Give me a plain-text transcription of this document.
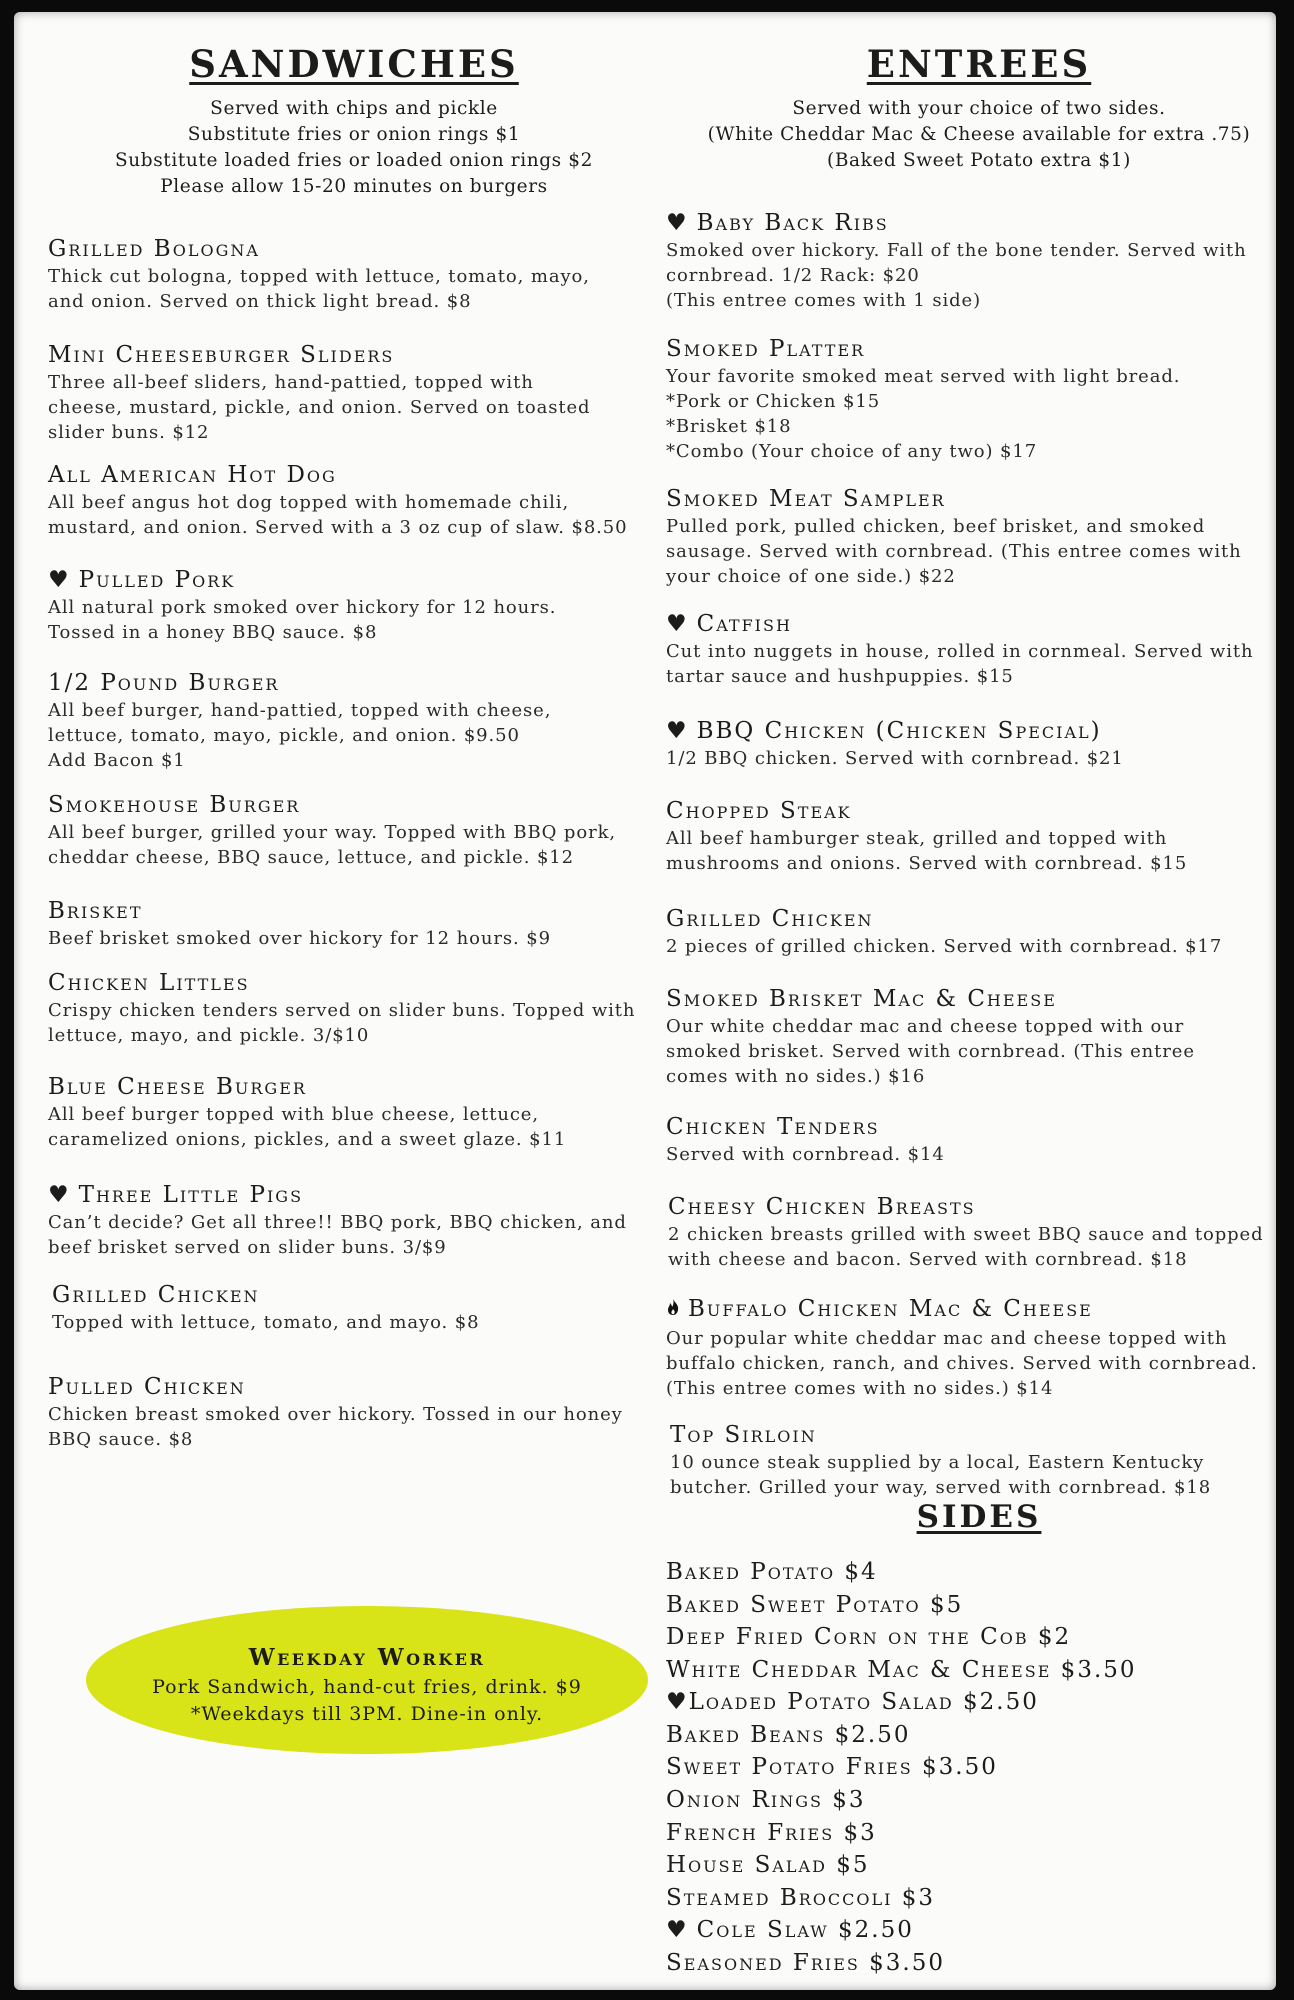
SANDWICHES
Served with chips and pickle
Substitute fries or onion rings $1
Substitute loaded fries or loaded onion rings $2
Please allow 15-20 minutes on burgers
Grilled Bologna
Thick cut bologna, topped with lettuce, tomato, mayo,
and onion. Served on thick light bread. $8
Mini Cheeseburger Sliders
Three all-beef sliders, hand-pattied, topped with
cheese, mustard, pickle, and onion. Served on toasted
slider buns. $12
All American Hot Dog
All beef angus hot dog topped with homemade chili,
mustard, and onion. Served with a 3 oz cup of slaw. $8.50
♥ Pulled Pork
All natural pork smoked over hickory for 12 hours.
Tossed in a honey BBQ sauce. $8
1/2 Pound Burger
All beef burger, hand-pattied, topped with cheese,
lettuce, tomato, mayo, pickle, and onion. $9.50
Add Bacon $1
Smokehouse Burger
All beef burger, grilled your way. Topped with BBQ pork,
cheddar cheese, BBQ sauce, lettuce, and pickle. $12
Brisket
Beef brisket smoked over hickory for 12 hours. $9
Chicken Littles
Crispy chicken tenders served on slider buns. Topped with
lettuce, mayo, and pickle. 3/$10
Blue Cheese Burger
All beef burger topped with blue cheese, lettuce,
caramelized onions, pickles, and a sweet glaze. $11
♥ Three Little Pigs
Can’t decide? Get all three!! BBQ pork, BBQ chicken, and
beef brisket served on slider buns. 3/$9
Grilled Chicken
Topped with lettuce, tomato, and mayo. $8
Pulled Chicken
Chicken breast smoked over hickory. Tossed in our honey
BBQ sauce. $8
Weekday Worker
Pork Sandwich, hand-cut fries, drink. $9
*Weekdays till 3PM. Dine-in only.
ENTREES
Served with your choice of two sides.
(White Cheddar Mac & Cheese available for extra .75)
(Baked Sweet Potato extra $1)
♥ Baby Back Ribs
Smoked over hickory. Fall of the bone tender. Served with
cornbread. 1/2 Rack: $20
(This entree comes with 1 side)
Smoked Platter
Your favorite smoked meat served with light bread.
*Pork or Chicken $15
*Brisket $18
*Combo (Your choice of any two) $17
Smoked Meat Sampler
Pulled pork, pulled chicken, beef brisket, and smoked
sausage. Served with cornbread. (This entree comes with
your choice of one side.) $22
♥ Catfish
Cut into nuggets in house, rolled in cornmeal. Served with
tartar sauce and hushpuppies. $15
♥ BBQ Chicken (Chicken Special)
1/2 BBQ chicken. Served with cornbread. $21
Chopped Steak
All beef hamburger steak, grilled and topped with
mushrooms and onions. Served with cornbread. $15
Grilled Chicken
2 pieces of grilled chicken. Served with cornbread. $17
Smoked Brisket Mac & Cheese
Our white cheddar mac and cheese topped with our
smoked brisket. Served with cornbread. (This entree
comes with no sides.) $16
Chicken Tenders
Served with cornbread. $14
Cheesy Chicken Breasts
2 chicken breasts grilled with sweet BBQ sauce and topped
with cheese and bacon. Served with cornbread. $18
Buffalo Chicken Mac & Cheese
Our popular white cheddar mac and cheese topped with
buffalo chicken, ranch, and chives. Served with cornbread.
(This entree comes with no sides.) $14
Top Sirloin
10 ounce steak supplied by a local, Eastern Kentucky
butcher. Grilled your way, served with cornbread. $18
SIDES
Baked Potato $4
Baked Sweet Potato $5
Deep Fried Corn on the Cob $2
White Cheddar Mac & Cheese $3.50
♥Loaded Potato Salad $2.50
Baked Beans $2.50
Sweet Potato Fries $3.50
Onion Rings $3
French Fries $3
House Salad $5
Steamed Broccoli $3
♥ Cole Slaw $2.50
Seasoned Fries $3.50
